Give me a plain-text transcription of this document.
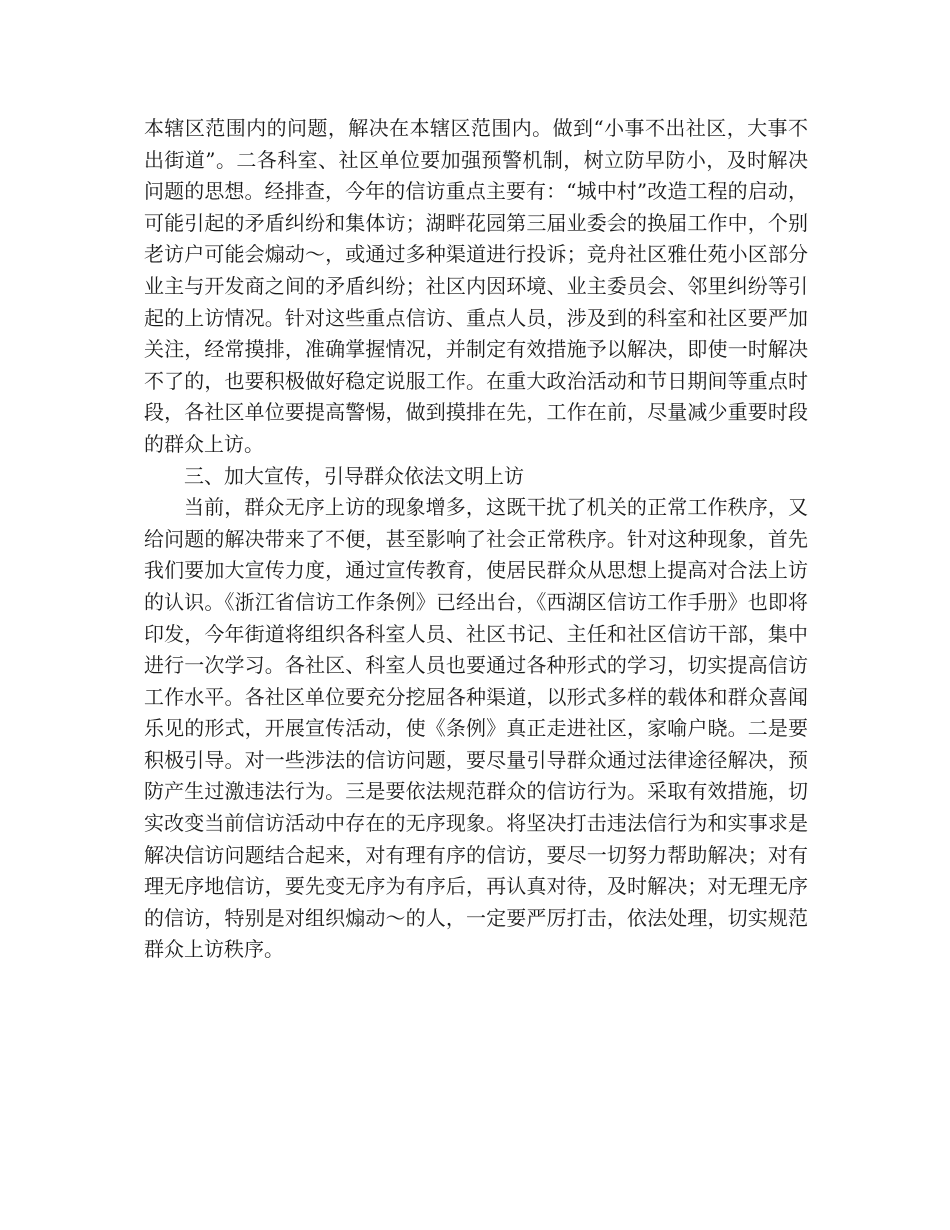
本辖区范围内的问题，解决在本辖区范围内。做到“小事不出社区，大事不出街道”。二各科室、社区单位要加强预警机制，树立防早防小，及时解决问题的思想。经排查，今年的信访重点主要有：“城中村”改造工程的启动，可能引起的矛盾纠纷和集体访；湖畔花园第三届业委会的换届工作中，个别老访户可能会煽动～，或通过多种渠道进行投诉；竞舟社区雅仕苑小区部分业主与开发商之间的矛盾纠纷；社区内因环境、业主委员会、邻里纠纷等引起的上访情况。针对这些重点信访、重点人员，涉及到的科室和社区要严加关注，经常摸排，准确掌握情况，并制定有效措施予以解决，即使一时解决不了的，也要积极做好稳定说服工作。在重大政治活动和节日期间等重点时段，各社区单位要提高警惕，做到摸排在先，工作在前，尽量减少重要时段的群众上访。

三、加大宣传，引导群众依法文明上访

当前，群众无序上访的现象增多，这既干扰了机关的正常工作秩序，又给问题的解决带来了不便，甚至影响了社会正常秩序。针对这种现象，首先我们要加大宣传力度，通过宣传教育，使居民群众从思想上提高对合法上访的认识。《浙江省信访工作条例》已经出台，《西湖区信访工作手册》也即将印发，今年街道将组织各科室人员、社区书记、主任和社区信访干部，集中进行一次学习。各社区、科室人员也要通过各种形式的学习，切实提高信访工作水平。各社区单位要充分挖屈各种渠道，以形式多样的载体和群众喜闻乐见的形式，开展宣传活动，使《条例》真正走进社区，家喻户晓。二是要积极引导。对一些涉法的信访问题，要尽量引导群众通过法律途径解决，预防产生过激违法行为。三是要依法规范群众的信访行为。采取有效措施，切实改变当前信访活动中存在的无序现象。将坚决打击违法信行为和实事求是解决信访问题结合起来，对有理有序的信访，要尽一切努力帮助解决；对有理无序地信访，要先变无序为有序后，再认真对待，及时解决；对无理无序的信访，特别是对组织煽动～的人，一定要严厉打击，依法处理，切实规范群众上访秩序。
